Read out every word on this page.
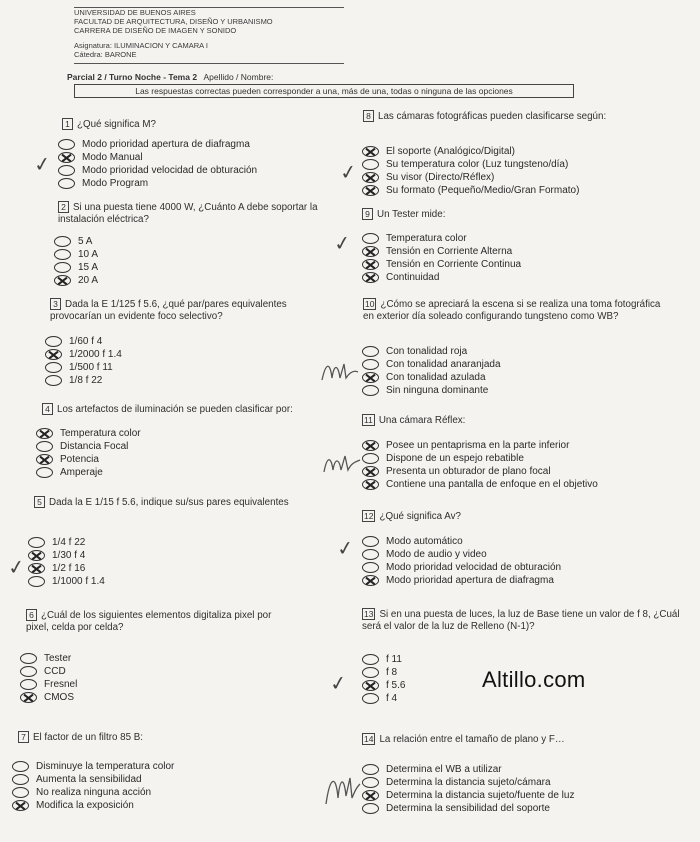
UNIVERSIDAD DE BUENOS AIRES
FACULTAD DE ARQUITECTURA, DISEÑO Y URBANISMO
CARRERA DE DISEÑO DE IMAGEN Y SONIDO
Asignatura: ILUMINACION Y CAMARA I
Cátedra: BARONE
Parcial 2 / Turno Noche - Tema 2 Apellido / Nombre:
Las respuestas correctas pueden corresponder a una, más de una, todas o ninguna de las opciones
1 ¿Qué significa M?
Modo prioridad apertura de diafragma
Modo Manual
Modo prioridad velocidad de obturación
Modo Program
2 Si una puesta tiene 4000 W, ¿Cuánto A debe soportar la instalación eléctrica?
5 A
10 A
15 A
20 A
3 Dada la E 1/125 f 5.6, ¿qué par/pares equivalentes provocarían un evidente foco selectivo?
1/60 f 4
1/2000 f 1.4
1/500 f 11
1/8 f 22
4 Los artefactos de iluminación se pueden clasificar por:
Temperatura color
Distancia Focal
Potencia
Amperaje
5 Dada la E 1/15 f 5.6, indique su/sus pares equivalentes
1/4 f 22
1/30 f 4
1/2 f 16
1/1000 f 1.4
6 ¿Cuál de los siguientes elementos digitaliza pixel por pixel, celda por celda?
Tester
CCD
Fresnel
CMOS
7 El factor de un filtro 85 B:
Disminuye la temperatura color
Aumenta la sensibilidad
No realiza ninguna acción
Modifica la exposición
8 Las cámaras fotográficas pueden clasificarse según:
El soporte (Analógico/Digital)
Su temperatura color (Luz tungsteno/día)
Su visor (Directo/Réflex)
Su formato (Pequeño/Medio/Gran Formato)
9 Un Tester mide:
Temperatura color
Tensión en Corriente Alterna
Tensión en Corriente Continua
Continuidad
10 ¿Cómo se apreciará la escena si se realiza una toma fotográfica en exterior día soleado configurando tungsteno como WB?
Con tonalidad roja
Con tonalidad anaranjada
Con tonalidad azulada
Sin ninguna dominante
11 Una cámara Réflex:
Posee un pentaprisma en la parte inferior
Dispone de un espejo rebatible
Presenta un obturador de plano focal
Contiene una pantalla de enfoque en el objetivo
12 ¿Qué significa Av?
Modo automático
Modo de audio y video
Modo prioridad velocidad de obturación
Modo prioridad apertura de diafragma
13 Si en una puesta de luces, la luz de Base tiene un valor de f 8, ¿Cuál será el valor de la luz de Relleno (N-1)?
f 11
f 8
f 5.6
f 4
14 La relación entre el tamaño de plano y F…
Determina el WB a utilizar
Determina la distancia sujeto/cámara
Determina la distancia sujeto/fuente de luz
Determina la sensibilidad del soporte
Altillo.com
✓
✓
✓
✓
✓
✓
